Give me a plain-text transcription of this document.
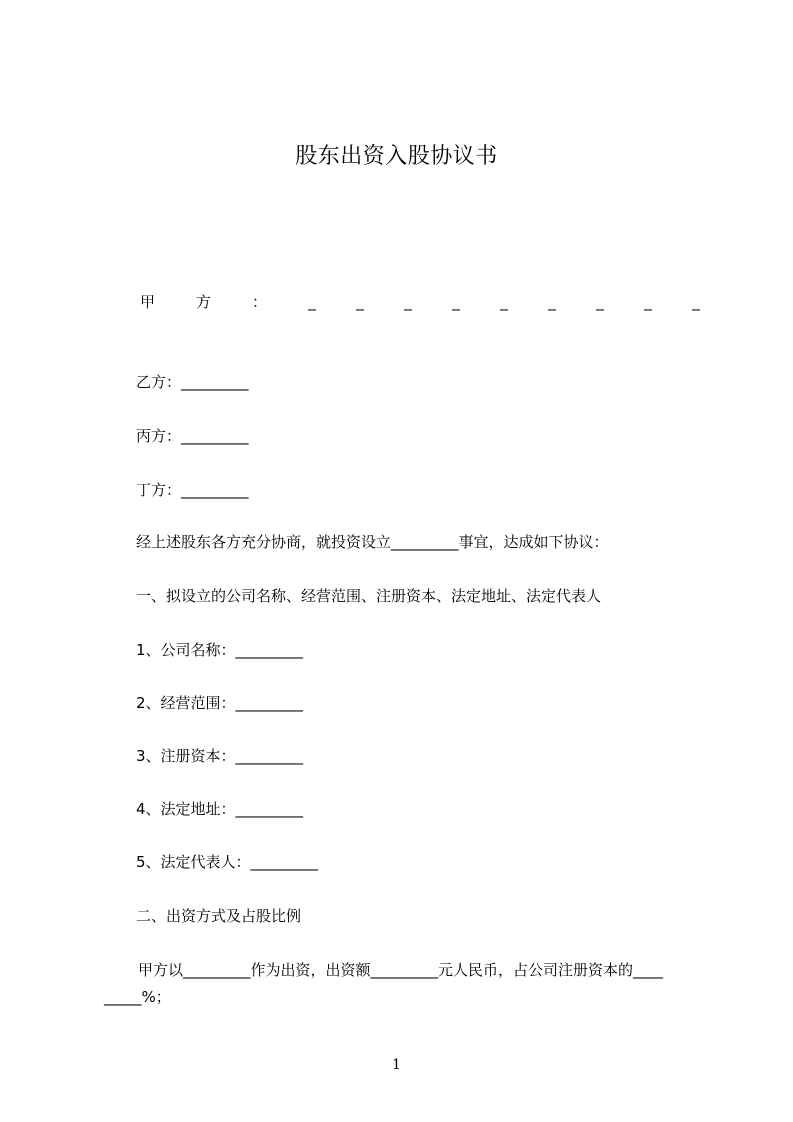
股东出资入股协议书
甲	方	：	_	_	_	_	_	_	_	_	_
乙方：_________
丙方：_________
丁方：_________
经上述股东各方充分协商，就投资设立_________事宜，达成如下协议：
一、拟设立的公司名称、经营范围、注册资本、法定地址、法定代表人
1、公司名称：_________
2、经营范围：_________
3、注册资本：_________
4、法定地址：_________
5、法定代表人：_________
二、出资方式及占股比例
甲方以_________作为出资，出资额_________元人民币，占公司注册资本的____
_____%；
1
